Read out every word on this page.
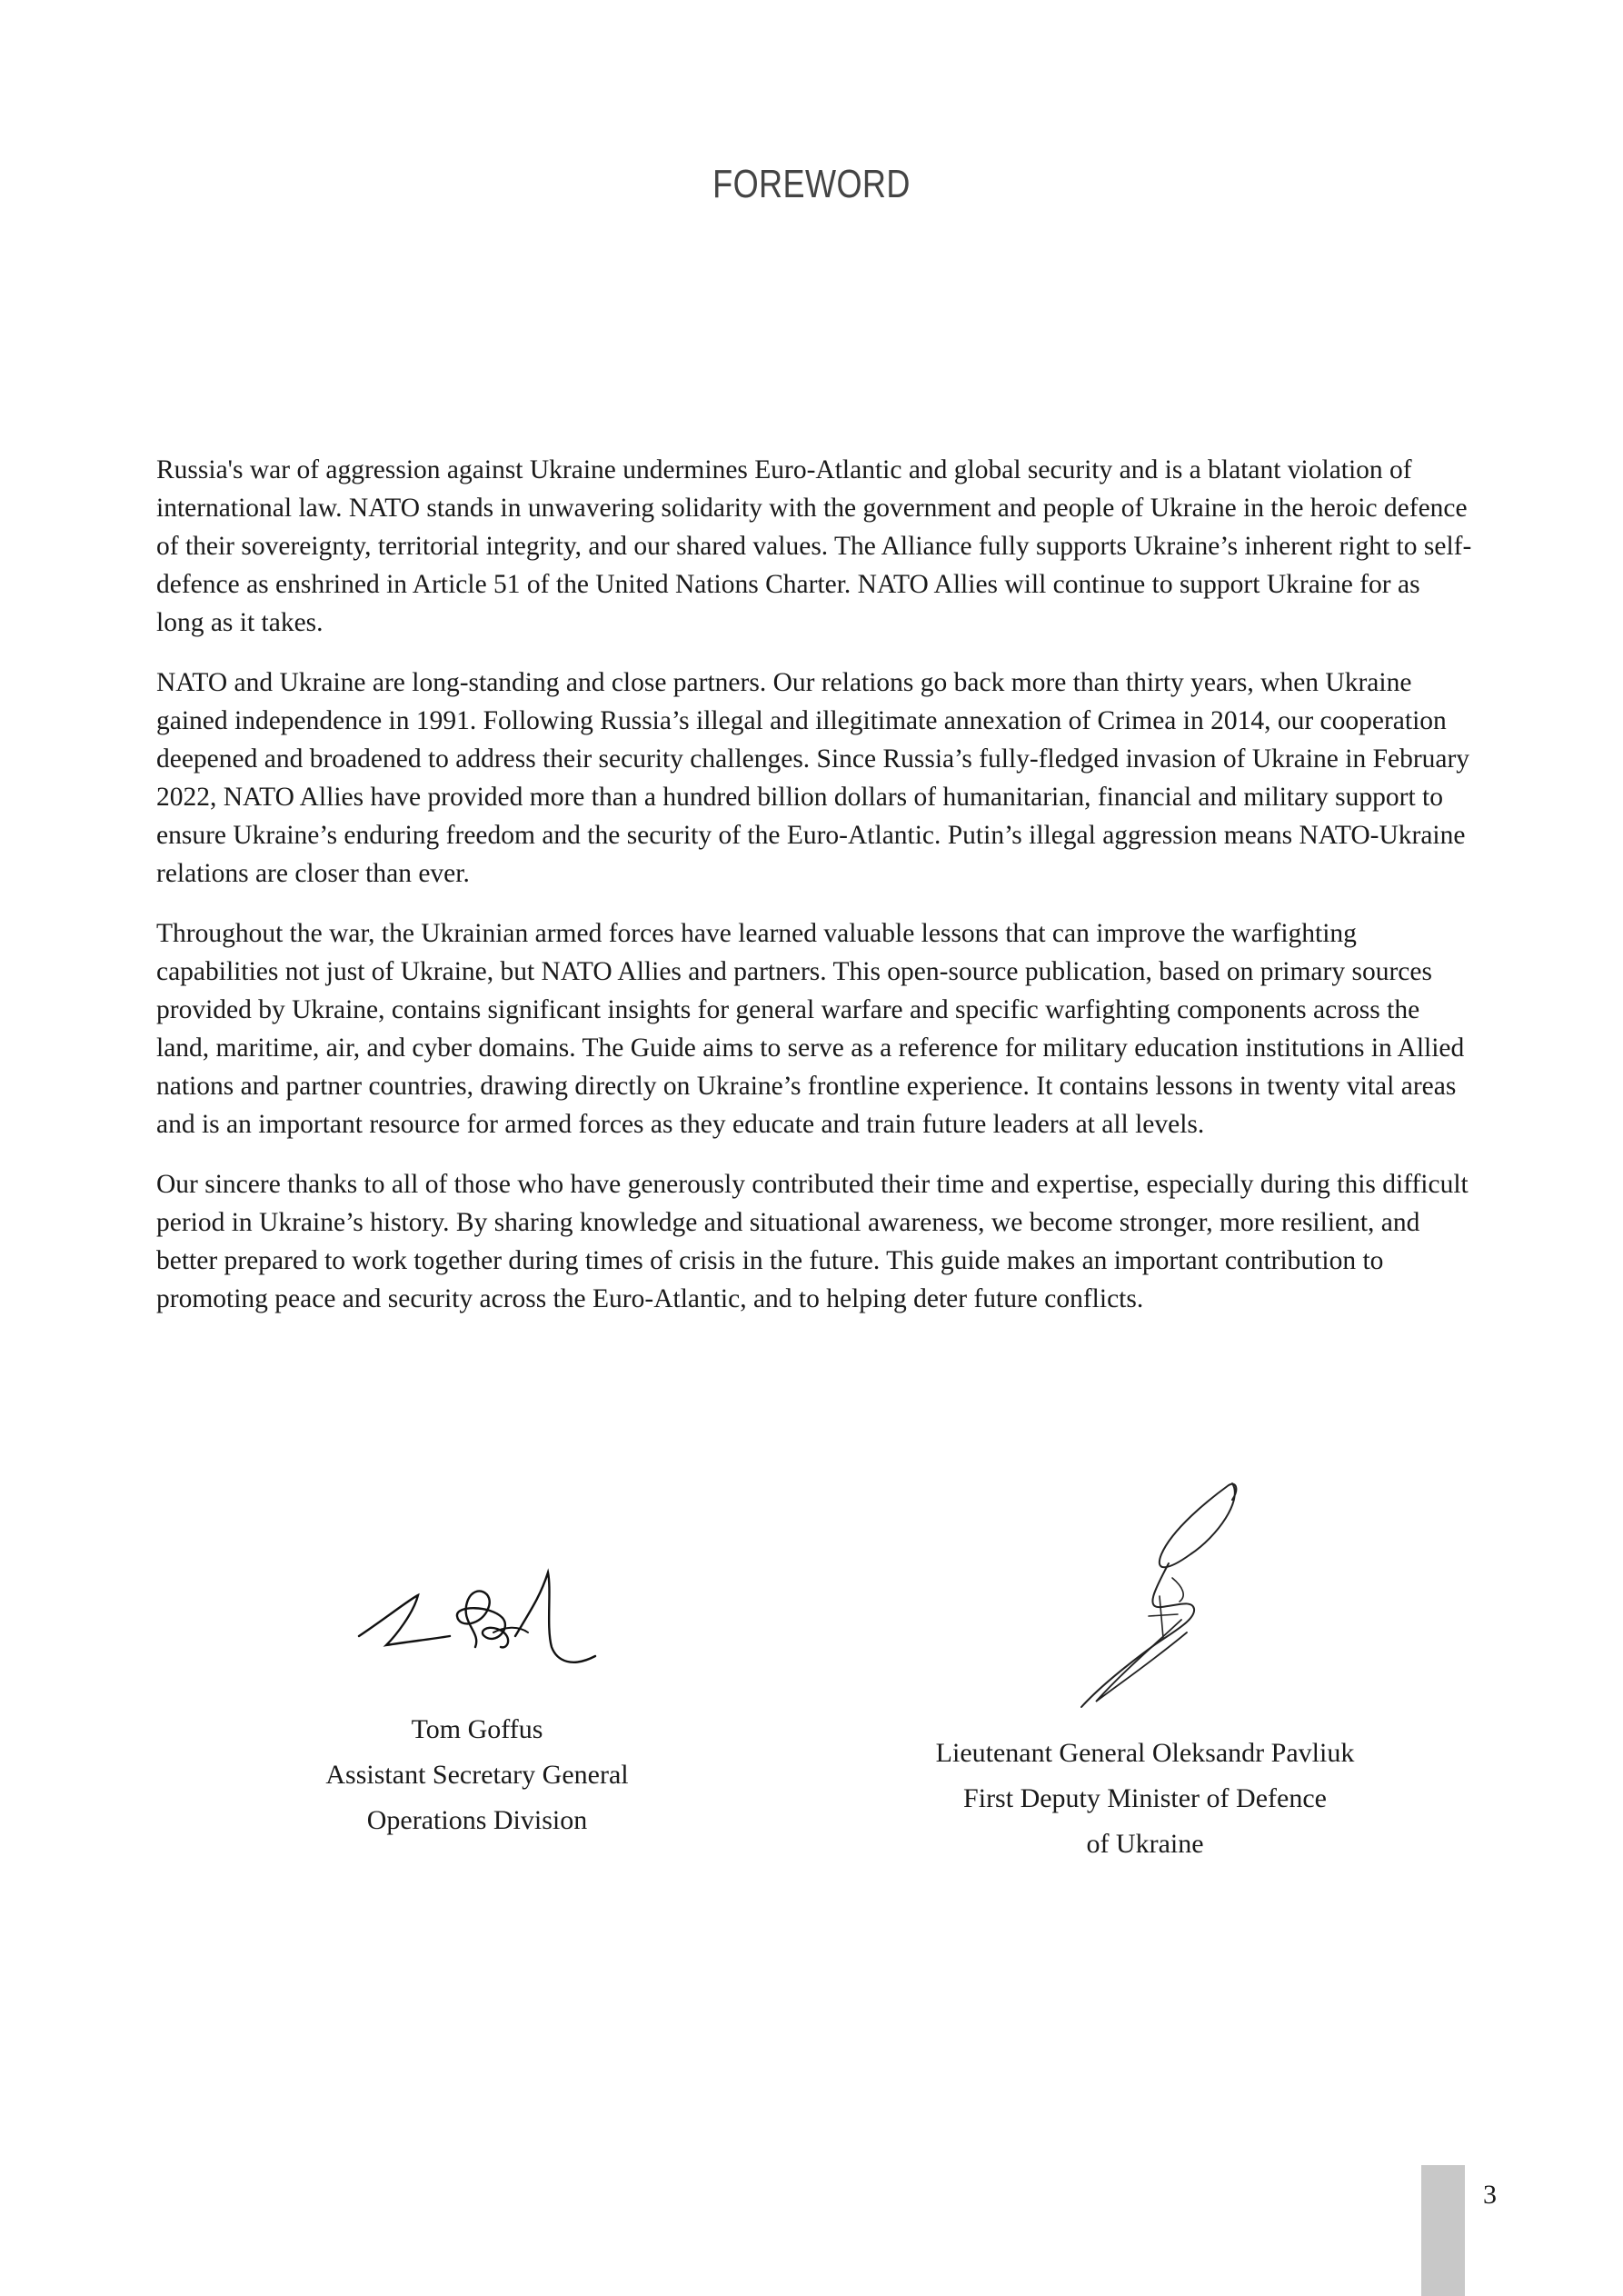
FOREWORD

Russia's war of aggression against Ukraine undermines Euro-Atlantic and global security and is a blatant violation of international law. NATO stands in unwavering solidarity with the government and people of Ukraine in the heroic defence of their sovereignty, territorial integrity, and our shared values. The Alliance fully supports Ukraine’s inherent right to self-defence as enshrined in Article 51 of the United Nations Charter. NATO Allies will continue to support Ukraine for as long as it takes.

NATO and Ukraine are long-standing and close partners. Our relations go back more than thirty years, when Ukraine gained independence in 1991. Following Russia’s illegal and illegitimate annexation of Crimea in 2014, our cooperation deepened and broadened to address their security challenges. Since Russia’s fully-fledged invasion of Ukraine in February 2022, NATO Allies have provided more than a hundred billion dollars of humanitarian, financial and military support to ensure Ukraine’s enduring freedom and the security of the Euro-Atlantic. Putin’s illegal aggression means NATO-Ukraine relations are closer than ever.

Throughout the war, the Ukrainian armed forces have learned valuable lessons that can improve the warfighting capabilities not just of Ukraine, but NATO Allies and partners. This open-source publication, based on primary sources provided by Ukraine, contains significant insights for general warfare and specific warfighting components across the land, maritime, air, and cyber domains. The Guide aims to serve as a reference for military education institutions in Allied nations and partner countries, drawing directly on Ukraine’s frontline experience. It contains lessons in twenty vital areas and is an important resource for armed forces as they educate and train future leaders at all levels.

Our sincere thanks to all of those who have generously contributed their time and expertise, especially during this difficult period in Ukraine’s history. By sharing knowledge and situational awareness, we become stronger, more resilient, and better prepared to work together during times of crisis in the future. This guide makes an important contribution to promoting peace and security across the Euro-Atlantic, and to helping deter future conflicts.

Tom Goffus
Assistant Secretary General
Operations Division
Lieutenant General Oleksandr Pavliuk
First Deputy Minister of Defence
of Ukraine
3
